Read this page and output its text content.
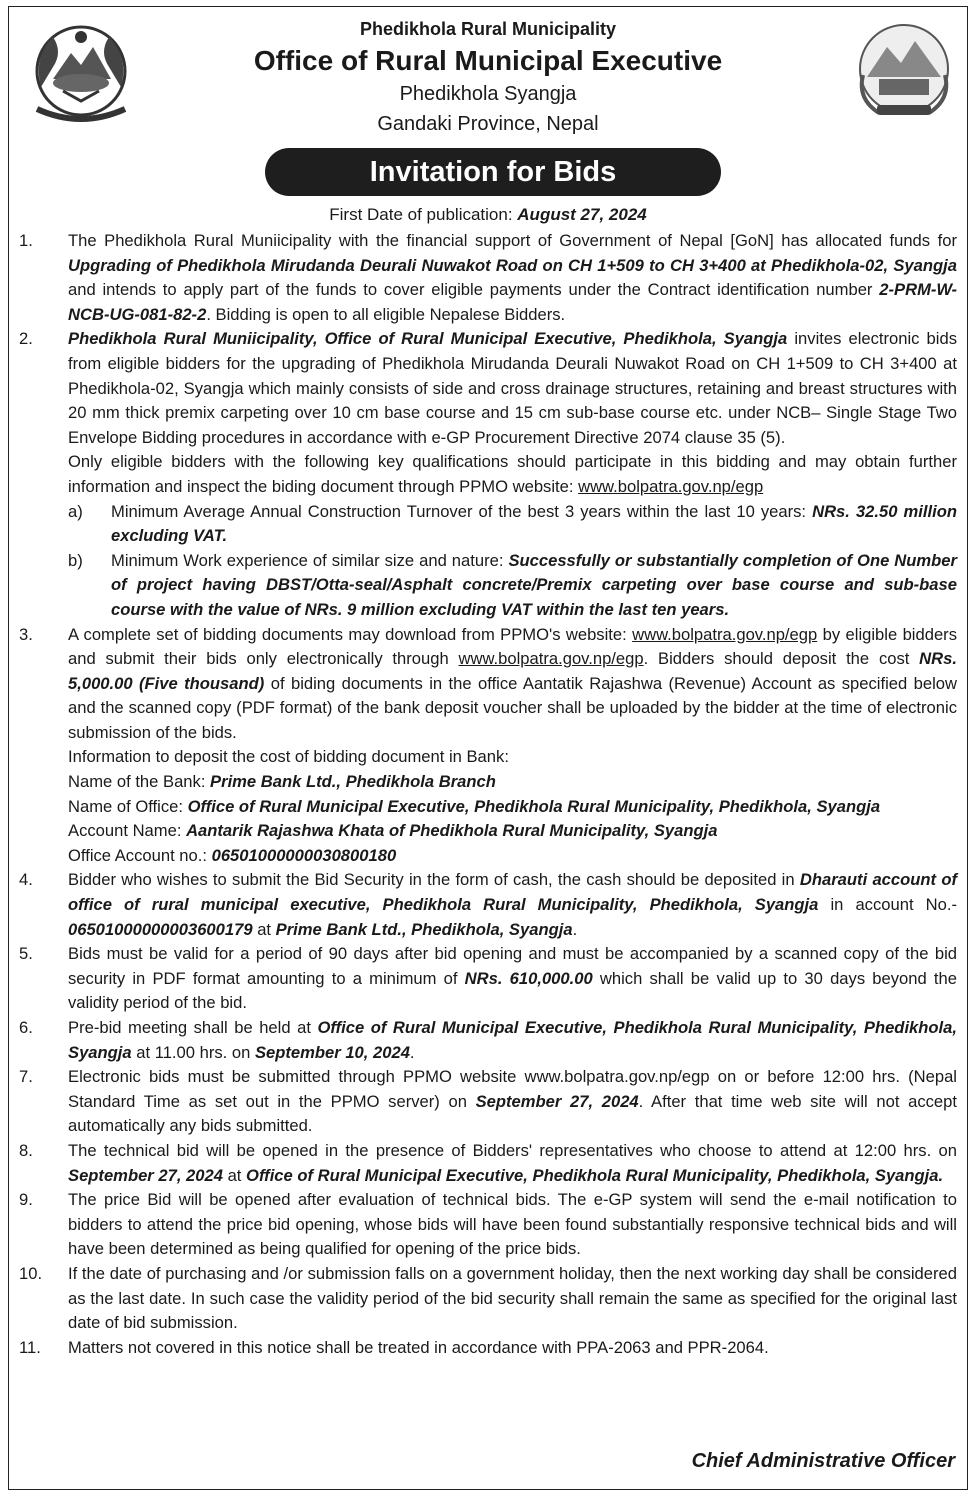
Phedikhola Rural Municipality
Office of Rural Municipal Executive
Phedikhola Syangja
Gandaki Province, Nepal
Invitation for Bids
First Date of publication: August 27, 2024
1.	The Phedikhola Rural Muniicipality with the financial support of Government of Nepal [GoN] has allocated funds for Upgrading of Phedikhola Mirudanda Deurali Nuwakot Road on CH 1+509 to CH 3+400 at Phedikhola-02, Syangja and intends to apply part of the funds to cover eligible payments under the Contract identification number 2-PRM-W-NCB-UG-081-82-2. Bidding is open to all eligible Nepalese Bidders.
2.	Phedikhola Rural Muniicipality, Office of Rural Municipal Executive, Phedikhola, Syangja invites electronic bids from eligible bidders for the upgrading of Phedikhola Mirudanda Deurali Nuwakot Road on CH 1+509 to CH 3+400 at Phedikhola-02, Syangja which mainly consists of side and cross drainage structures, retaining and breast structures with 20 mm thick premix carpeting over 10 cm base course and 15 cm sub-base course etc. under NCB– Single Stage Two Envelope Bidding procedures in accordance with e-GP Procurement Directive 2074 clause 35 (5).
Only eligible bidders with the following key qualifications should participate in this bidding and may obtain further information and inspect the biding document through PPMO website: www.bolpatra.gov.np/egp
a)	Minimum Average Annual Construction Turnover of the best 3 years within the last 10 years: NRs. 32.50 million excluding VAT.
b)	Minimum Work experience of similar size and nature: Successfully or substantially completion of One Number of project having DBST/Otta-seal/Asphalt concrete/Premix carpeting over base course and sub-base course with the value of NRs. 9 million excluding VAT within the last ten years.
3.	A complete set of bidding documents may download from PPMO's website: www.bolpatra.gov.np/egp by eligible bidders and submit their bids only electronically through www.bolpatra.gov.np/egp. Bidders should deposit the cost NRs. 5,000.00 (Five thousand) of biding documents in the office Aantatik Rajashwa (Revenue) Account as specified below and the scanned copy (PDF format) of the bank deposit voucher shall be uploaded by the bidder at the time of electronic submission of the bids.
Information to deposit the cost of bidding document in Bank:
Name of the Bank: Prime Bank Ltd., Phedikhola Branch
Name of Office: Office of Rural Municipal Executive, Phedikhola Rural Municipality, Phedikhola, Syangja
Account Name: Aantarik Rajashwa Khata of Phedikhola Rural Municipality, Syangja
Office Account no.: 06501000000030800180
4.	Bidder who wishes to submit the Bid Security in the form of cash, the cash should be deposited in Dharauti account of office of rural municipal executive, Phedikhola Rural Municipality, Phedikhola, Syangja in account No.- 06501000000003600179 at Prime Bank Ltd., Phedikhola, Syangja.
5.	Bids must be valid for a period of 90 days after bid opening and must be accompanied by a scanned copy of the bid security in PDF format amounting to a minimum of NRs. 610,000.00 which shall be valid up to 30 days beyond the validity period of the bid.
6.	Pre-bid meeting shall be held at Office of Rural Municipal Executive, Phedikhola Rural Municipality, Phedikhola, Syangja at 11.00 hrs. on September 10, 2024.
7.	Electronic bids must be submitted through PPMO website www.bolpatra.gov.np/egp on or before 12:00 hrs. (Nepal Standard Time as set out in the PPMO server) on September 27, 2024. After that time web site will not accept automatically any bids submitted.
8.	The technical bid will be opened in the presence of Bidders' representatives who choose to attend at 12:00 hrs. on September 27, 2024 at Office of Rural Municipal Executive, Phedikhola Rural Municipality, Phedikhola, Syangja.
9.	The price Bid will be opened after evaluation of technical bids. The e-GP system will send the e-mail notification to bidders to attend the price bid opening, whose bids will have been found substantially responsive technical bids and will have been determined as being qualified for opening of the price bids.
10.	If the date of purchasing and /or submission falls on a government holiday, then the next working day shall be considered as the last date. In such case the validity period of the bid security shall remain the same as specified for the original last date of bid submission.
11.	Matters not covered in this notice shall be treated in accordance with PPA-2063 and PPR-2064.
Chief Administrative Officer
